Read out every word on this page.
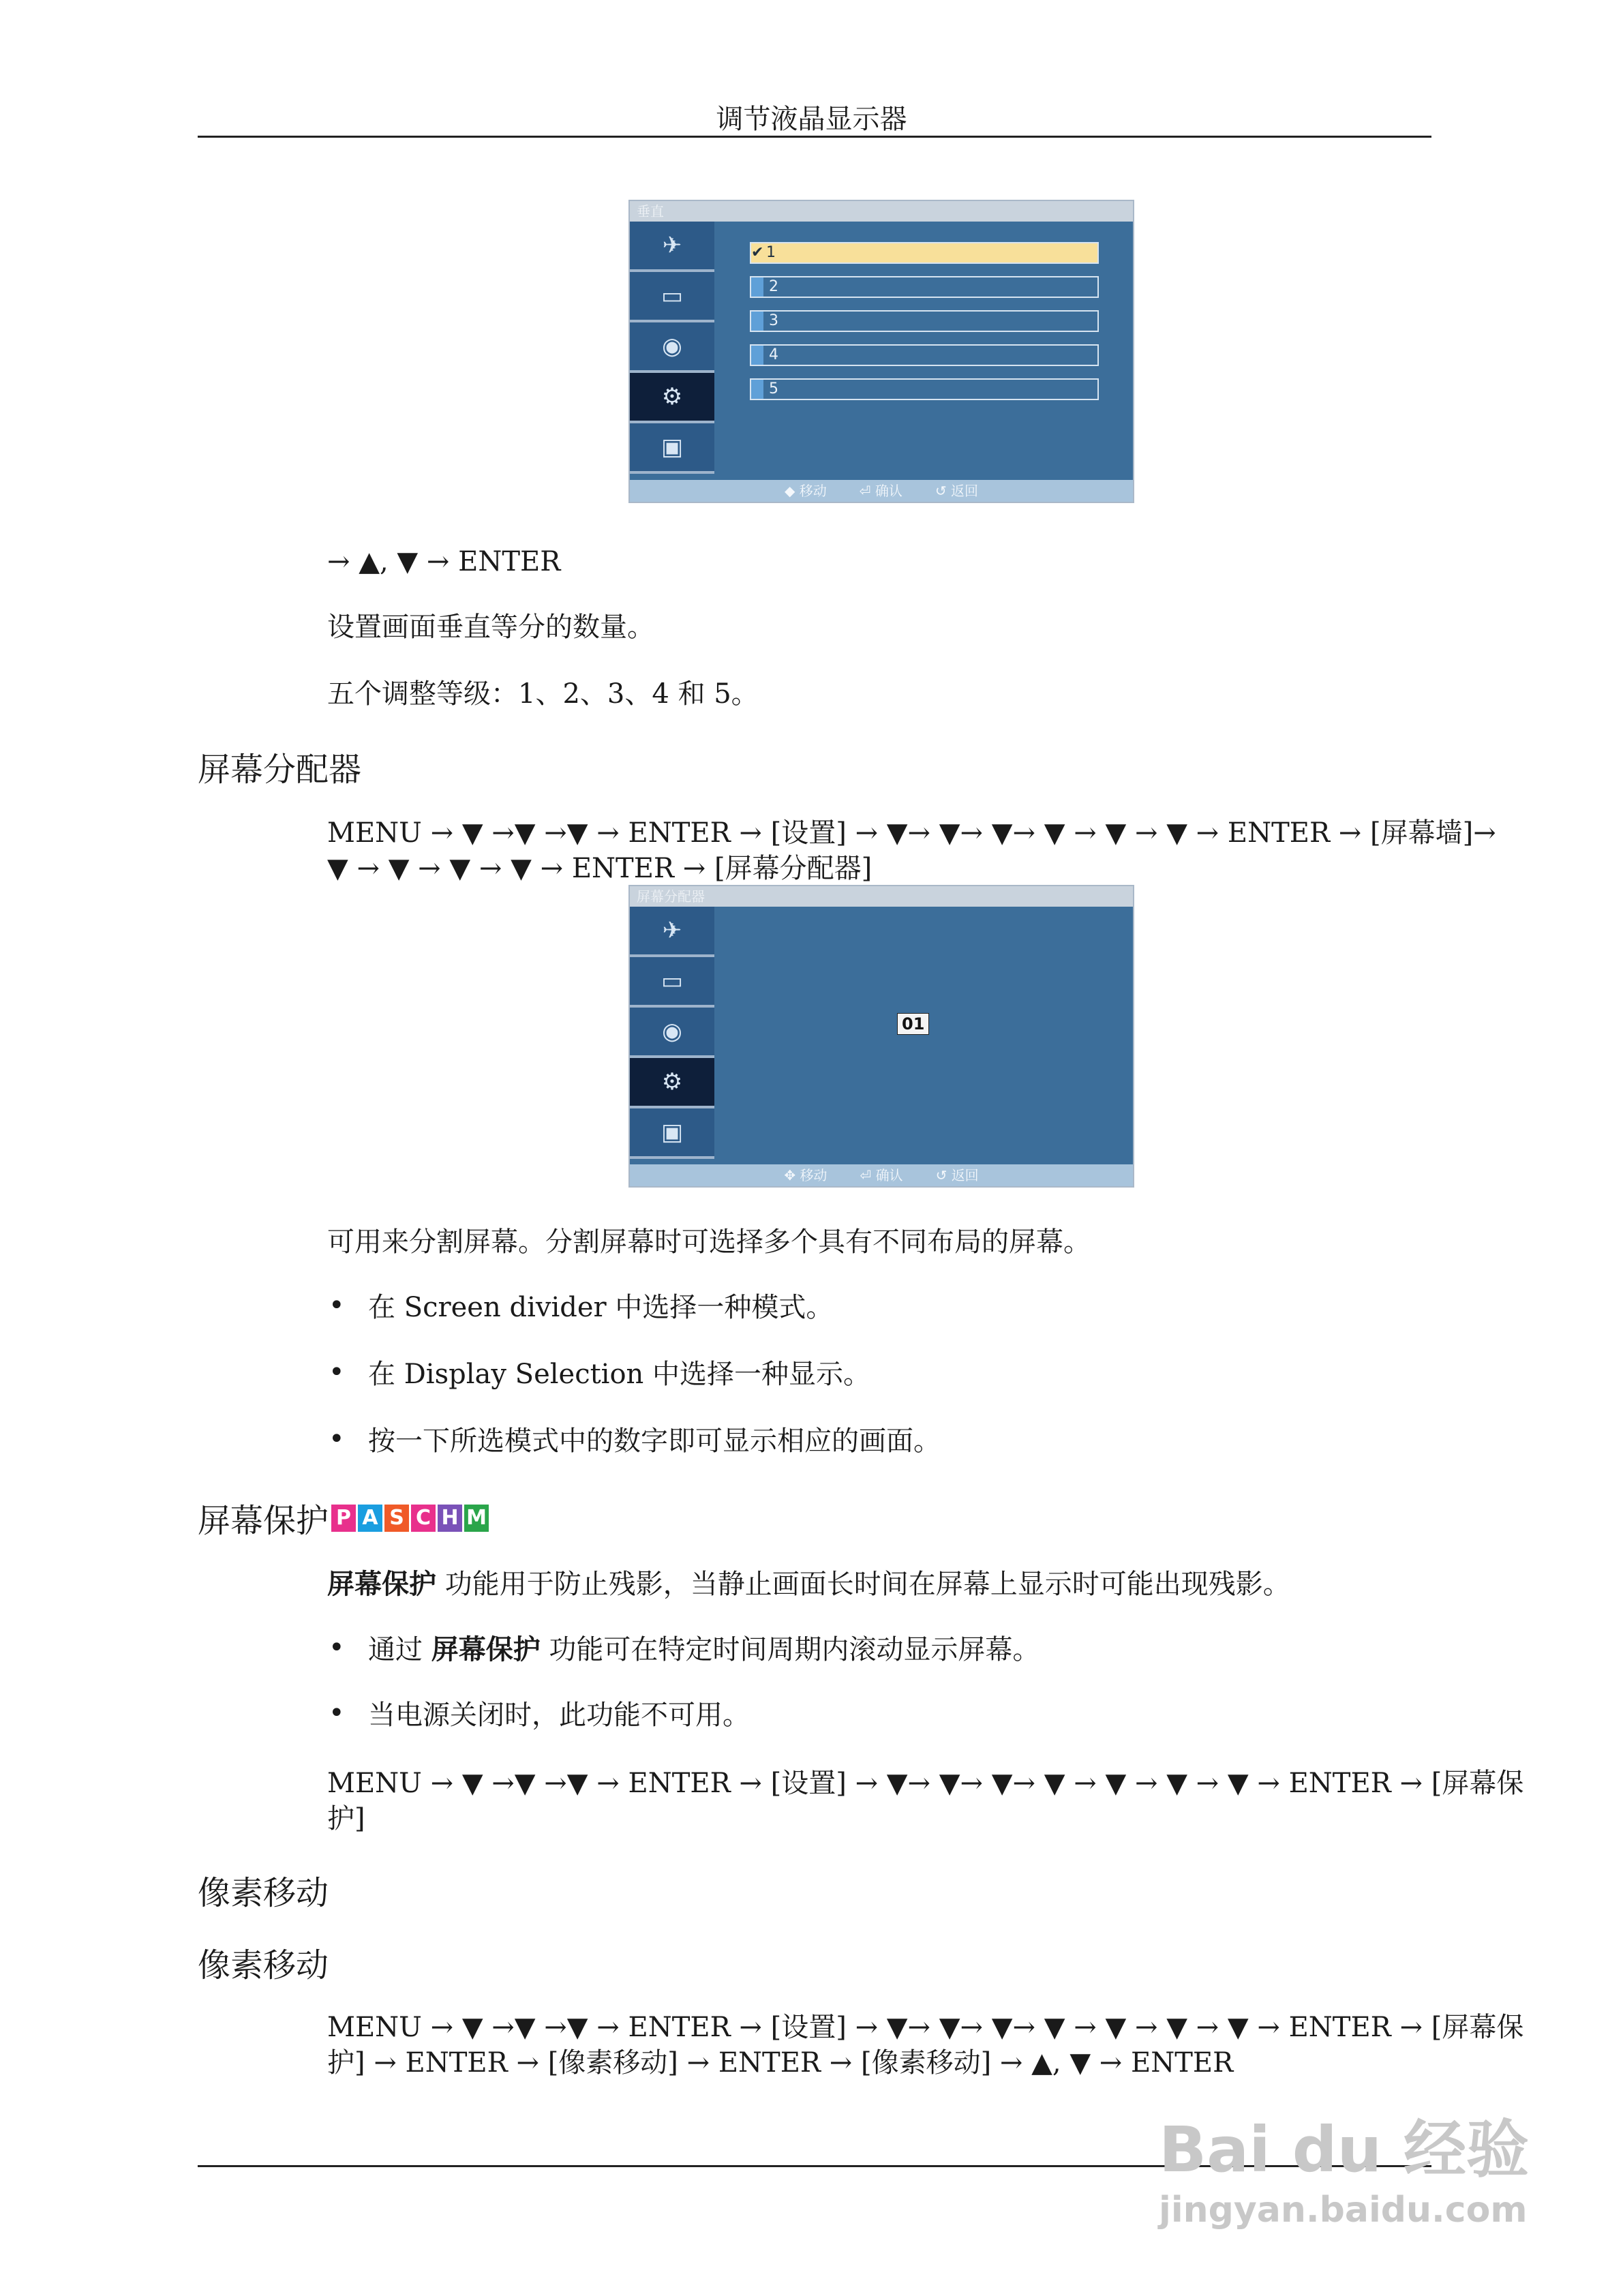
调节液晶显示器
垂直
✈
▭
◉
⚙
▣
✔ 1
2
3
4
5
◆ 移动 ⏎ 确认 ↺ 返回
→ ▲, ▼ → ENTER
设置画面垂直等分的数量。
五个调整等级：1、2、3、4 和 5。
屏幕分配器
MENU → ▼ →▼ →▼ → ENTER → [设置] → ▼→ ▼→ ▼→ ▼ → ▼ → ▼ → ENTER → [屏幕墙]→
▼ → ▼ → ▼ → ▼ → ENTER → [屏幕分配器]
屏幕分配器
✈
▭
◉
⚙
▣
01
✥ 移动 ⏎ 确认 ↺ 返回
可用来分割屏幕。分割屏幕时可选择多个具有不同布局的屏幕。
• 在 Screen divider 中选择一种模式。
• 在 Display Selection 中选择一种显示。
• 按一下所选模式中的数字即可显示相应的画面。
屏幕保护 P A S C H M
屏幕保护 功能用于防止残影，当静止画面长时间在屏幕上显示时可能出现残影。
• 通过 屏幕保护 功能可在特定时间周期内滚动显示屏幕。
• 当电源关闭时，此功能不可用。
MENU → ▼ →▼ →▼ → ENTER → [设置] → ▼→ ▼→ ▼→ ▼ → ▼ → ▼ → ▼ → ENTER → [屏幕保
护]
像素移动
像素移动
MENU → ▼ →▼ →▼ → ENTER → [设置] → ▼→ ▼→ ▼→ ▼ → ▼ → ▼ → ▼ → ENTER → [屏幕保
护] → ENTER → [像素移动] → ENTER → [像素移动] → ▲, ▼ → ENTER
Bai du 经验
jingyan.baidu.com
